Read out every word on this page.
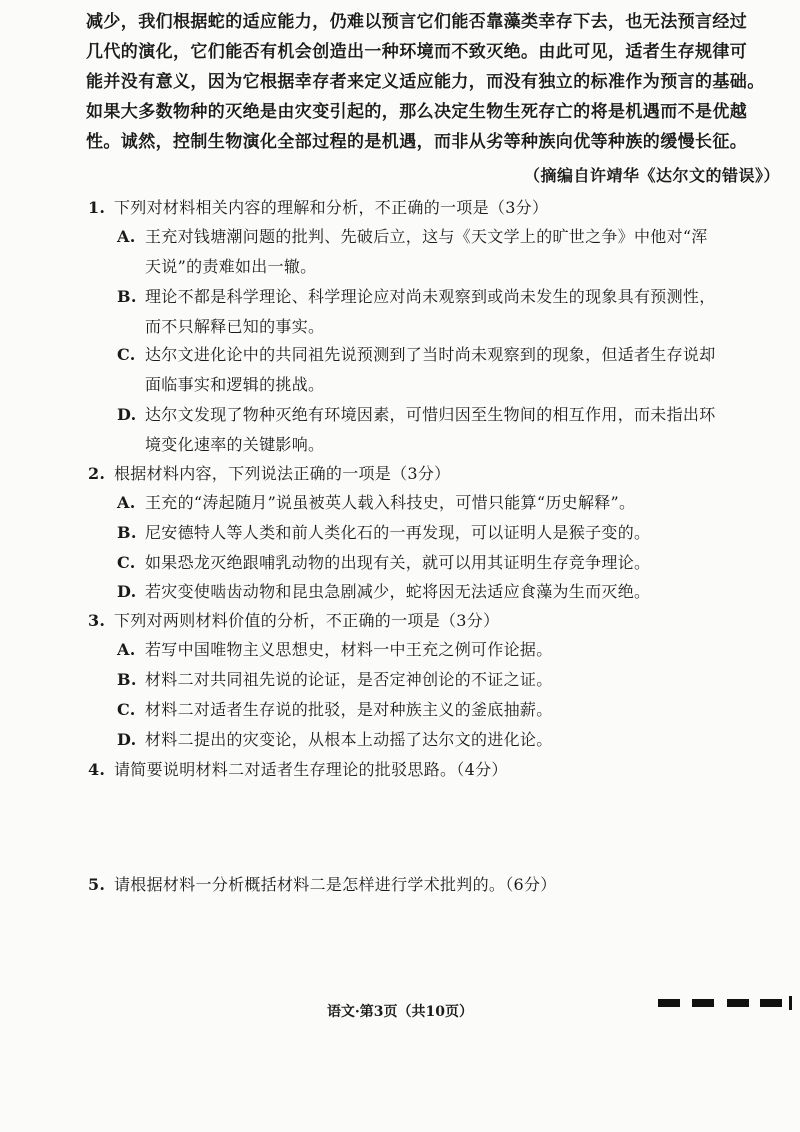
减少，我们根据蛇的适应能力，仍难以预言它们能否靠藻类幸存下去，也无法预言经过

几代的演化，它们能否有机会创造出一种环境而不致灭绝。由此可见，适者生存规律可

能并没有意义，因为它根据幸存者来定义适应能力，而没有独立的标准作为预言的基础。

如果大多数物种的灭绝是由灾变引起的，那么决定生物生死存亡的将是机遇而不是优越

性。诚然，控制生物演化全部过程的是机遇，而非从劣等种族向优等种族的缓慢长征。

（摘编自许靖华《达尔文的错误》）
1. 下列对材料相关内容的理解和分析，不正确的一项是（3分）
A. 王充对钱塘潮问题的批判、先破后立，这与《天文学上的旷世之争》中他对“浑
天说”的责难如出一辙。
B. 理论不都是科学理论、科学理论应对尚未观察到或尚未发生的现象具有预测性，
而不只解释已知的事实。
C. 达尔文进化论中的共同祖先说预测到了当时尚未观察到的现象，但适者生存说却
面临事实和逻辑的挑战。
D. 达尔文发现了物种灭绝有环境因素，可惜归因至生物间的相互作用，而未指出环
境变化速率的关键影响。
2. 根据材料内容，下列说法正确的一项是（3分）
A. 王充的“涛起随月”说虽被英人载入科技史，可惜只能算“历史解释”。
B. 尼安德特人等人类和前人类化石的一再发现，可以证明人是猴子变的。
C. 如果恐龙灭绝跟哺乳动物的出现有关，就可以用其证明生存竞争理论。
D. 若灾变使啮齿动物和昆虫急剧减少，蛇将因无法适应食藻为生而灭绝。
3. 下列对两则材料价值的分析，不正确的一项是（3分）
A. 若写中国唯物主义思想史，材料一中王充之例可作论据。
B. 材料二对共同祖先说的论证，是否定神创论的不证之证。
C. 材料二对适者生存说的批驳，是对种族主义的釜底抽薪。
D. 材料二提出的灾变论，从根本上动摇了达尔文的进化论。
4. 请简要说明材料二对适者生存理论的批驳思路。（4分）
5. 请根据材料一分析概括材料二是怎样进行学术批判的。（6分）
语文·第3页（共10页）
